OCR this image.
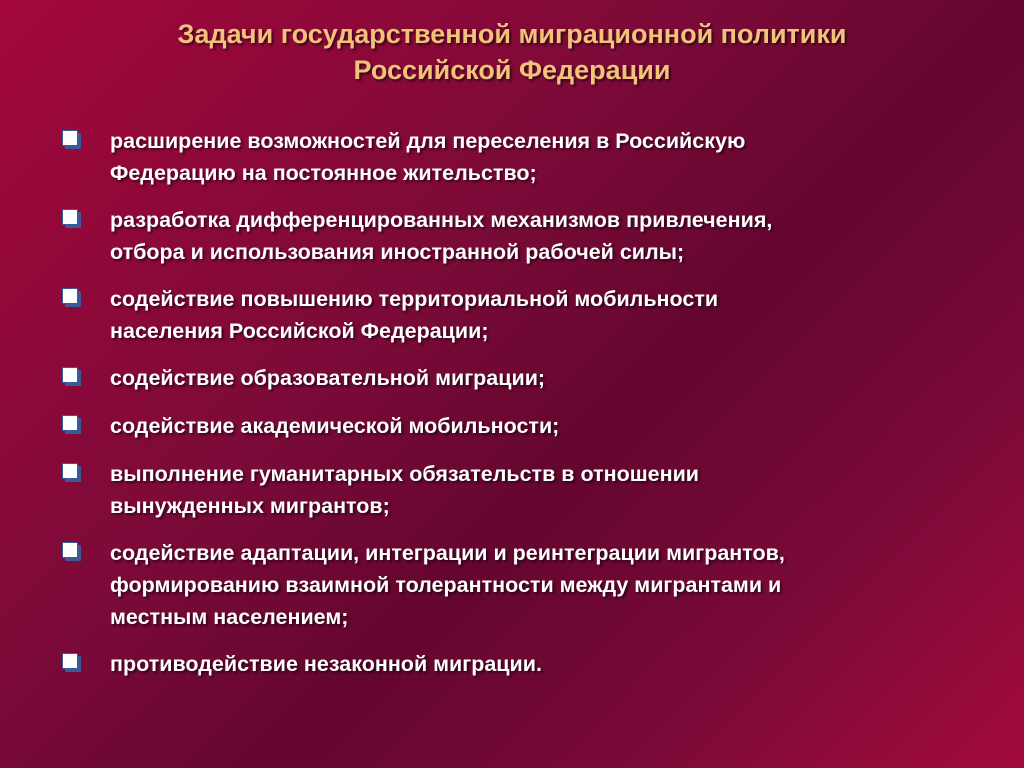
Задачи государственной миграционной политики
Российской Федерации
расширение возможностей для переселения в Российскую
Федерацию на постоянное жительство;
разработка дифференцированных механизмов привлечения,
отбора и использования иностранной рабочей силы;
содействие повышению территориальной мобильности
населения Российской Федерации;
содействие образовательной миграции;
содействие академической мобильности;
выполнение гуманитарных обязательств в отношении
вынужденных мигрантов;
содействие адаптации, интеграции и реинтеграции мигрантов,
формированию взаимной толерантности между мигрантами и
местным населением;
противодействие незаконной миграции.
